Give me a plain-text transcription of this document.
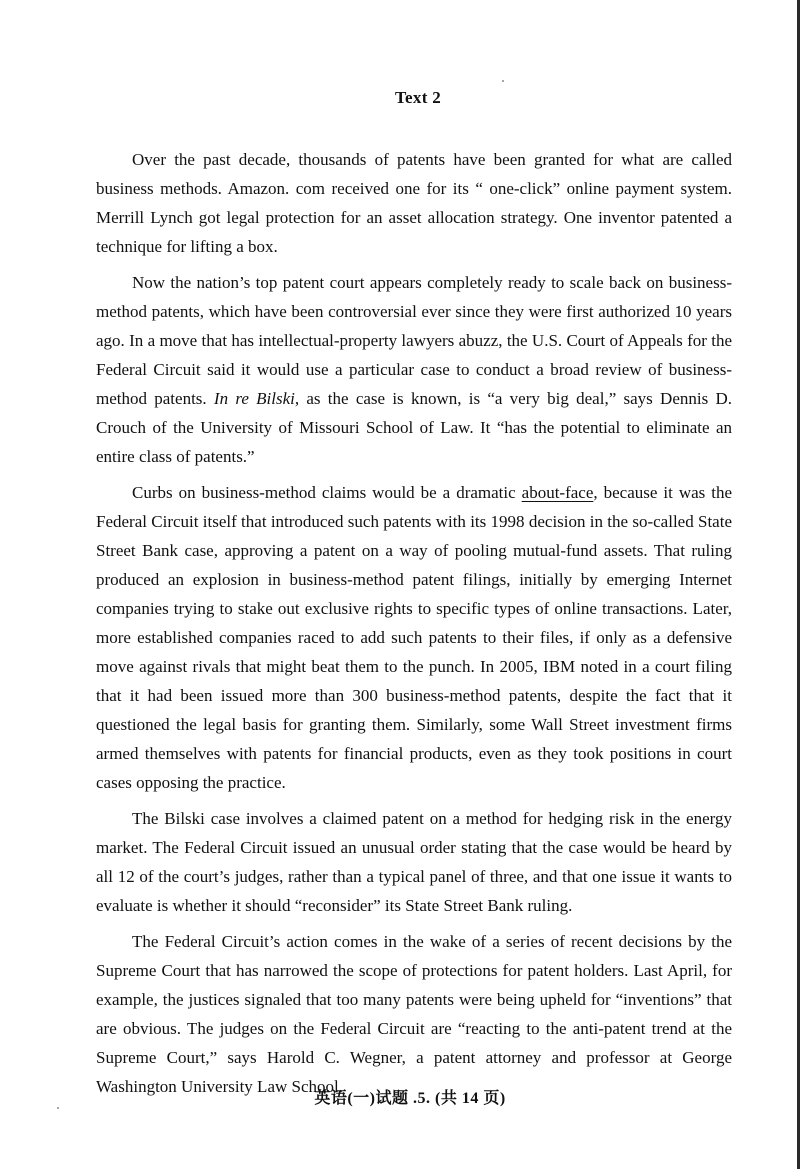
Text 2

Over the past decade, thousands of patents have been granted for what are called business methods. Amazon. com received one for its “ one-click” online payment system. Merrill Lynch got legal protection for an asset allocation strategy. One inventor patented a technique for lifting a box.

Now the nation’s top patent court appears completely ready to scale back on business-method patents, which have been controversial ever since they were first authorized 10 years ago. In a move that has intellectual-property lawyers abuzz, the U.S. Court of Appeals for the Federal Circuit said it would use a particular case to conduct a broad review of business-method patents. In re Bilski, as the case is known, is “a very big deal,” says Dennis D. Crouch of the University of Missouri School of Law. It “has the potential to eliminate an entire class of patents.”

Curbs on business-method claims would be a dramatic about-face, because it was the Federal Circuit itself that introduced such patents with its 1998 decision in the so-called State Street Bank case, approving a patent on a way of pooling mutual-fund assets. That ruling produced an explosion in business-method patent filings, initially by emerging Internet companies trying to stake out exclusive rights to specific types of online transactions. Later, more established companies raced to add such patents to their files, if only as a defensive move against rivals that might beat them to the punch. In 2005, IBM noted in a court filing that it had been issued more than 300 business-method patents, despite the fact that it questioned the legal basis for granting them. Similarly, some Wall Street investment firms armed themselves with patents for financial products, even as they took positions in court cases opposing the practice.

The Bilski case involves a claimed patent on a method for hedging risk in the energy market. The Federal Circuit issued an unusual order stating that the case would be heard by all 12 of the court’s judges, rather than a typical panel of three, and that one issue it wants to evaluate is whether it should “reconsider” its State Street Bank ruling.

The Federal Circuit’s action comes in the wake of a series of recent decisions by the Supreme Court that has narrowed the scope of protections for patent holders. Last April, for example, the justices signaled that too many patents were being upheld for “inventions” that are obvious. The judges on the Federal Circuit are “reacting to the anti-patent trend at the Supreme Court,” says Harold C. Wegner, a patent attorney and professor at George Washington University Law School.

英语(一)试题 .5. (共 14 页)
